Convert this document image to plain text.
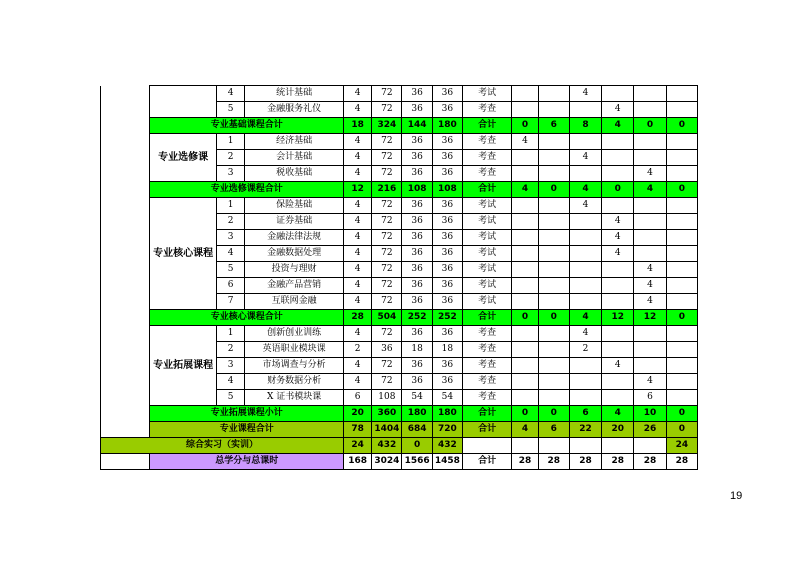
		4	统计基础	4	72	36	36	考试			4			
		5	金融服务礼仪	4	72	36	36	考查				4		
	专业基础课程合计			18	324	144	180	合计	0	6	8	4	0	0
	专业选修课	1	经济基础	4	72	36	36	考查	4					
		2	会计基础	4	72	36	36	考查			4			
		3	税收基础	4	72	36	36	考查					4	
	专业选修课程合计			12	216	108	108	合计	4	0	4	0	4	0
	专业核心课程	1	保险基础	4	72	36	36	考试			4			
		2	证券基础	4	72	36	36	考试				4		
		3	金融法律法规	4	72	36	36	考试				4		
		4	金融数据处理	4	72	36	36	考试				4		
		5	投资与理财	4	72	36	36	考试					4	
		6	金融产品营销	4	72	36	36	考试					4	
		7	互联网金融	4	72	36	36	考试					4	
	专业核心课程合计			28	504	252	252	合计	0	0	4	12	12	0
	专业拓展课程	1	创新创业训练	4	72	36	36	考查			4			
		2	英语职业模块课	2	36	18	18	考查			2			
		3	市场调查与分析	4	72	36	36	考查				4		
		4	财务数据分析	4	72	36	36	考查					4	
		5	X 证书模块课	6	108	54	54	考查					6	
	专业拓展课程小计			20	360	180	180	合计	0	0	6	4	10	0
	专业课程合计			78	1404	684	720	合计	4	6	22	20	26	0
综合实习（实训）				24	432	0	432							24
	总学分与总课时			168	3024	1566	1458	合计	28	28	28	28	28	28
19
